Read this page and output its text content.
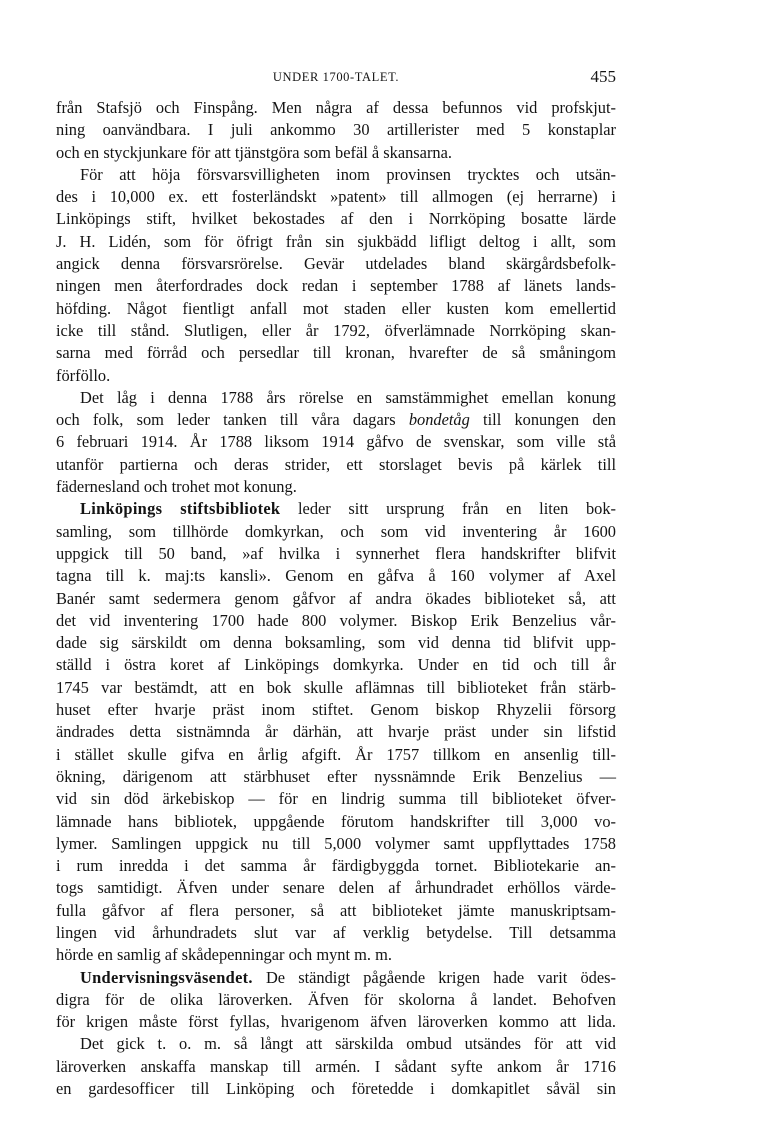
UNDER 1700-TALET.	455
från Stafsjö och Finspång. Men några af dessa befunnos vid profskjut-
ning oanvändbara. I juli ankommo 30 artillerister med 5 konstaplar
och en styckjunkare för att tjänstgöra som befäl å skansarna.
För att höja försvarsvilligheten inom provinsen trycktes och utsän-
des i 10,000 ex. ett fosterländskt »patent» till allmogen (ej herrarne) i
Linköpings stift, hvilket bekostades af den i Norrköping bosatte lärde
J. H. Lidén, som för öfrigt från sin sjukbädd lifligt deltog i allt, som
angick denna försvarsrörelse. Gevär utdelades bland skärgårdsbefolk-
ningen men återfordrades dock redan i september 1788 af länets lands-
höfding. Något fientligt anfall mot staden eller kusten kom emellertid
icke till stånd. Slutligen, eller år 1792, öfverlämnade Norrköping skan-
sarna med förråd och persedlar till kronan, hvarefter de så småningom
förföllo.
Det låg i denna 1788 års rörelse en samstämmighet emellan konung
och folk, som leder tanken till våra dagars bondetåg till konungen den
6 februari 1914. År 1788 liksom 1914 gåfvo de svenskar, som ville stå
utanför partierna och deras strider, ett storslaget bevis på kärlek till
fädernesland och trohet mot konung.
Linköpings stiftsbibliotek leder sitt ursprung från en liten bok-
samling, som tillhörde domkyrkan, och som vid inventering år 1600
uppgick till 50 band, »af hvilka i synnerhet flera handskrifter blifvit
tagna till k. maj:ts kansli». Genom en gåfva å 160 volymer af Axel
Banér samt sedermera genom gåfvor af andra ökades biblioteket så, att
det vid inventering 1700 hade 800 volymer. Biskop Erik Benzelius vår-
dade sig särskildt om denna boksamling, som vid denna tid blifvit upp-
ställd i östra koret af Linköpings domkyrka. Under en tid och till år
1745 var bestämdt, att en bok skulle aflämnas till biblioteket från stärb-
huset efter hvarje präst inom stiftet. Genom biskop Rhyzelii försorg
ändrades detta sistnämnda år därhän, att hvarje präst under sin lifstid
i stället skulle gifva en årlig afgift. År 1757 tillkom en ansenlig till-
ökning, därigenom att stärbhuset efter nyssnämnde Erik Benzelius —
vid sin död ärkebiskop — för en lindrig summa till biblioteket öfver-
lämnade hans bibliotek, uppgående förutom handskrifter till 3,000 vo-
lymer. Samlingen uppgick nu till 5,000 volymer samt uppflyttades 1758
i rum inredda i det samma år färdigbyggda tornet. Bibliotekarie an-
togs samtidigt. Äfven under senare delen af århundradet erhöllos värde-
fulla gåfvor af flera personer, så att biblioteket jämte manuskriptsam-
lingen vid århundradets slut var af verklig betydelse. Till detsamma
hörde en samlig af skådepenningar och mynt m. m.
Undervisningsväsendet. De ständigt pågående krigen hade varit ödes-
digra för de olika läroverken. Äfven för skolorna å landet. Behofven
för krigen måste först fyllas, hvarigenom äfven läroverken kommo att lida.
Det gick t. o. m. så långt att särskilda ombud utsändes för att vid
läroverken anskaffa manskap till armén. I sådant syfte ankom år 1716
en gardesofficer till Linköping och företedde i domkapitlet såväl sin
